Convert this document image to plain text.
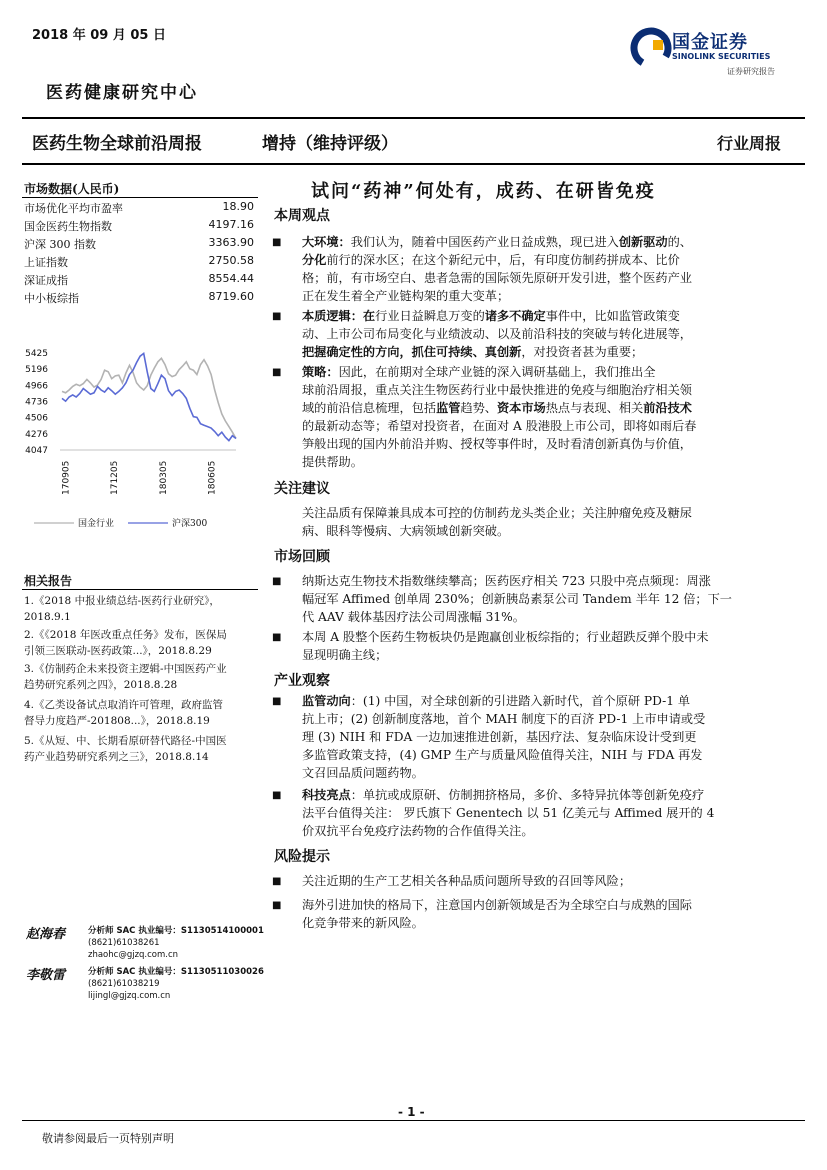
2018 年 09 月 05 日
医药健康研究中心
医药生物全球前沿周报	增持（维持评级）	行业周报
国金证券
SINOLINK SECURITIES
证券研究报告
市场数据(人民币)
市场优化平均市盈率	18.90
国金医药生物指数	4197.16
沪深 300 指数	3363.90
上证指数	2750.58
深证成指	8554.44
中小板综指	8719.60
5425
5196
4966
4736
4506
4276
4047
170905	171205	180305	180605
国金行业	沪深300
相关报告
1.《2018 中报业绩总结-医药行业研究》，
2018.9.1
2.《《2018 年医改重点任务》发布，医保局
引领三医联动-医药政策...》，2018.8.29
3.《仿制药企未来投资主逻辑-中国医药产业
趋势研究系列之四》，2018.8.28
4.《乙类设备试点取消许可管理，政府监管
督导力度趋严-201808...》，2018.8.19
5.《从短、中、长期看原研替代路径-中国医
药产业趋势研究系列之三》，2018.8.14
赵海春	分析师 SAC 执业编号：S1130514100001
(8621)61038261
zhaohc@gjzq.com.cn
李敬雷	分析师 SAC 执业编号：S1130511030026
(8621)61038219
lijingl@gjzq.com.cn
试问“药神”何处有，成药、在研皆免疫
本周观点
■ 大环境：我们认为，随着中国医药产业日益成熟，现已进入创新驱动的、
分化前行的深水区；在这个新纪元中，后，有印度仿制药拼成本、比价
格；前，有市场空白、患者急需的国际领先原研开发引进，整个医药产业
正在发生着全产业链构架的重大变革；
■ 本质逻辑：在行业日益瞬息万变的诸多不确定事件中，比如监管政策变
动、上市公司布局变化与业绩波动、以及前沿科技的突破与转化进展等，
把握确定性的方向，抓住可持续、真创新，对投资者甚为重要；
■ 策略：因此，在前期对全球产业链的深入调研基础上，我们推出全
球前沿周报，重点关注生物医药行业中最快推进的免疫与细胞治疗相关领
域的前沿信息梳理，包括监管趋势、资本市场热点与表现、相关前沿技术
的最新动态等；希望对投资者，在面对 A 股港股上市公司，即将如雨后春
笋般出现的国内外前沿并购、授权等事件时，及时看清创新真伪与价值，
提供帮助。
关注建议
关注品质有保障兼具成本可控的仿制药龙头类企业；关注肿瘤免疫及糖尿
病、眼科等慢病、大病领域创新突破。
市场回顾
■ 纳斯达克生物技术指数继续攀高；医药医疗相关 723 只股中亮点频现：周涨
幅冠军 Affimed 创单周 230%；创新胰岛素泵公司 Tandem 半年 12 倍；下一
代 AAV 载体基因疗法公司周涨幅 31%。
■ 本周 A 股整个医药生物板块仍是跑赢创业板综指的；行业超跌反弹个股中未
显现明确主线；
产业观察
■ 监管动向：(1) 中国，对全球创新的引进踏入新时代，首个原研 PD-1 单
抗上市；(2) 创新制度落地，首个 MAH 制度下的百济 PD-1 上市申请或受
理 (3) NIH 和 FDA 一边加速推进创新，基因疗法、复杂临床设计受到更
多监管政策支持，(4) GMP 生产与质量风险值得关注，NIH 与 FDA 再发
文召回品质问题药物。
■ 科技亮点：单抗或成原研、仿制拥挤格局，多价、多特异抗体等创新免疫疗
法平台值得关注： 罗氏旗下 Genentech 以 51 亿美元与 Affimed 展开的 4
价双抗平台免疫疗法药物的合作值得关注。
风险提示
■ 关注近期的生产工艺相关各种品质问题所导致的召回等风险；
■ 海外引进加快的格局下，注意国内创新领域是否为全球空白与成熟的国际
化竞争带来的新风险。
- 1 -
敬请参阅最后一页特别声明
